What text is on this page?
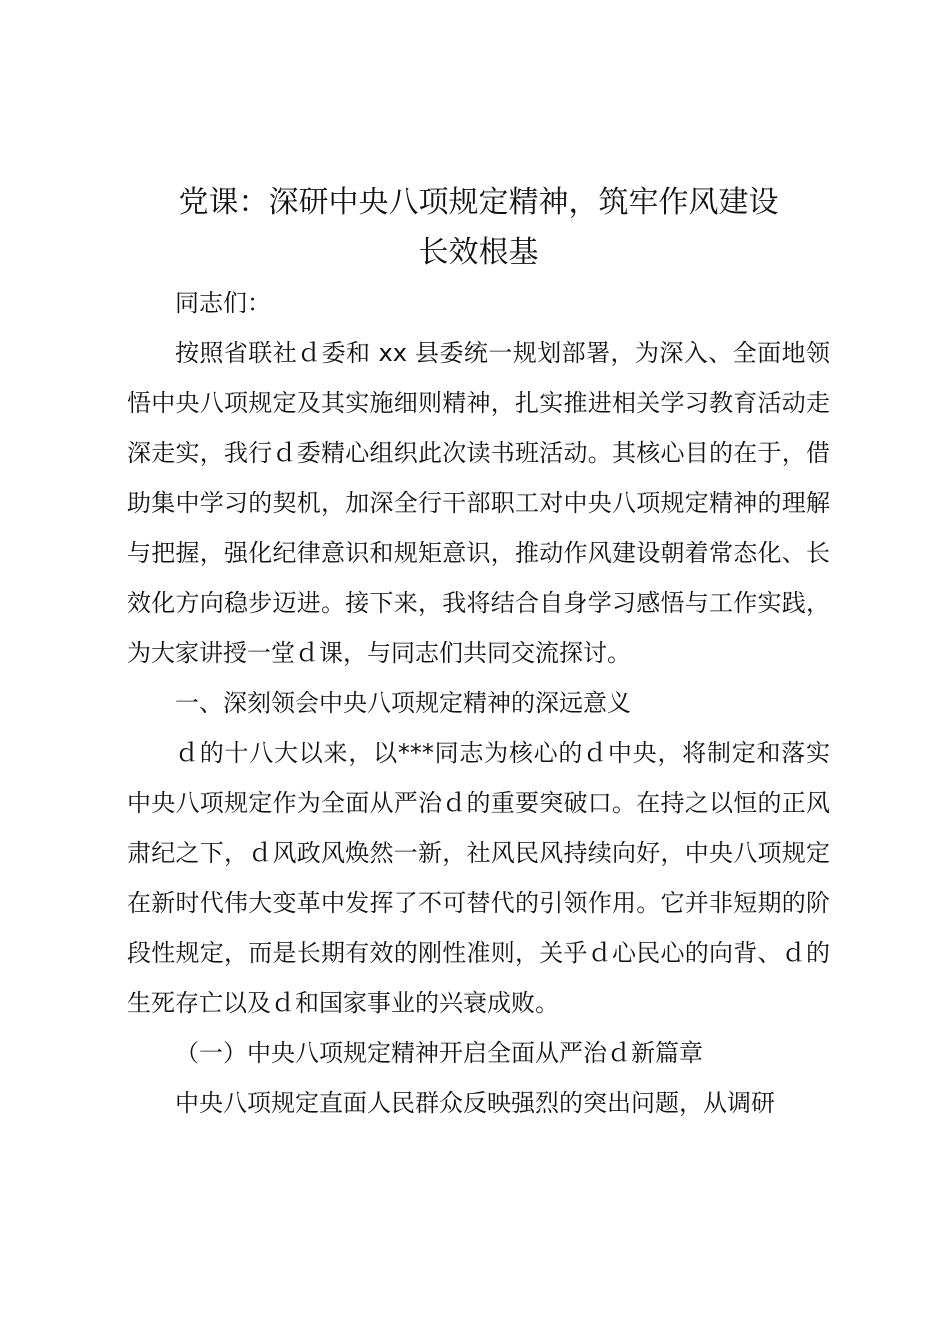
党课：深研中央八项规定精神，筑牢作风建设
长效根基

同志们：

按照省联社ｄ委和 xx 县委统一规划部署，为深入、全面地领悟中央八项规定及其实施细则精神，扎实推进相关学习教育活动走深走实，我行ｄ委精心组织此次读书班活动。其核心目的在于，借助集中学习的契机，加深全行干部职工对中央八项规定精神的理解与把握，强化纪律意识和规矩意识，推动作风建设朝着常态化、长效化方向稳步迈进。接下来，我将结合自身学习感悟与工作实践，为大家讲授一堂ｄ课，与同志们共同交流探讨。

一、深刻领会中央八项规定精神的深远意义

ｄ的十八大以来，以***同志为核心的ｄ中央，将制定和落实中央八项规定作为全面从严治ｄ的重要突破口。在持之以恒的正风肃纪之下，ｄ风政风焕然一新，社风民风持续向好，中央八项规定在新时代伟大变革中发挥了不可替代的引领作用。它并非短期的阶段性规定，而是长期有效的刚性准则，关乎ｄ心民心的向背、ｄ的生死存亡以及ｄ和国家事业的兴衰成败。

（一）中央八项规定精神开启全面从严治ｄ新篇章

中央八项规定直面人民群众反映强烈的突出问题，从调研
